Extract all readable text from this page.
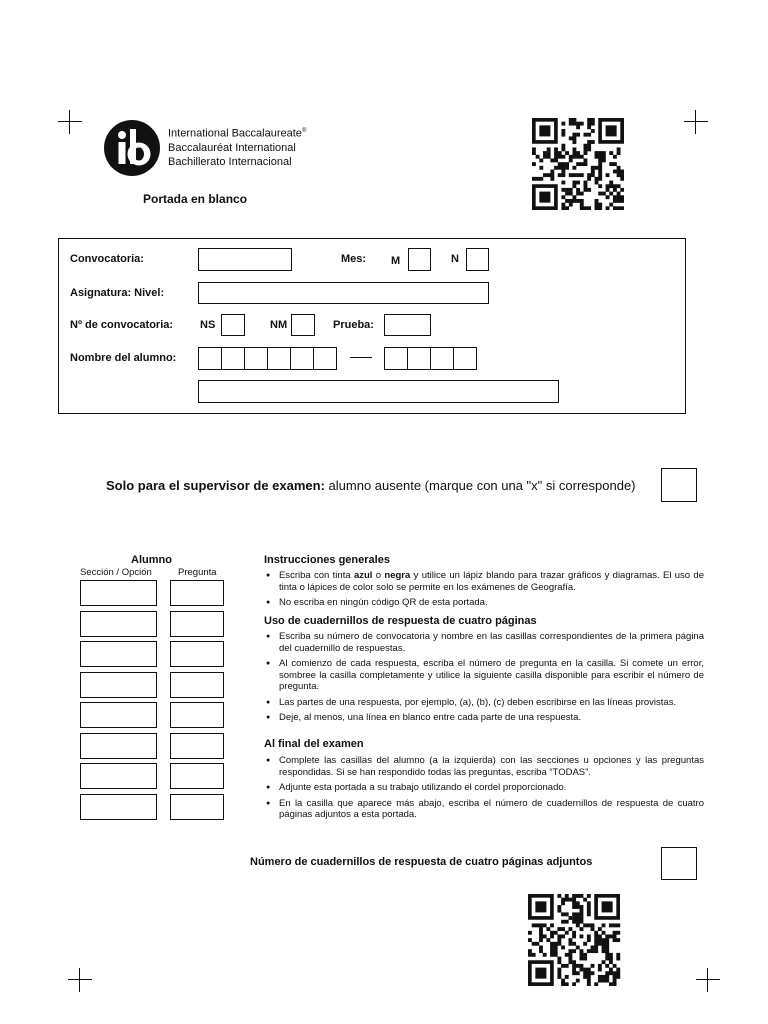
International Baccalaureate®
Baccalauréat International
Bachillerato Internacional
Portada en blanco
Convocatoria:	Mes: M	N
Asignatura: Nivel:
Nº de convocatoria: NS	NM	Prueba:
Nombre del alumno:
Solo para el supervisor de examen: alumno ausente (marque con una "x" si corresponde)
Alumno
Sección / Opción	Pregunta
Instrucciones generales
● Escriba con tinta azul o negra y utilice un lápiz blando para trazar gráficos y diagramas. El uso de tinta o lápices de color solo se permite en los exámenes de Geografía.
● No escriba en ningún código QR de esta portada.
Uso de cuadernillos de respuesta de cuatro páginas
● Escriba su número de convocatoria y nombre en las casillas correspondientes de la primera página del cuadernillo de respuestas.
● Al comienzo de cada respuesta, escriba el número de pregunta en la casilla. Si comete un error, sombree la casilla completamente y utilice la siguiente casilla disponible para escribir el número de pregunta.
● Las partes de una respuesta, por ejemplo, (a), (b), (c) deben escribirse en las líneas provistas.
● Deje, al menos, una línea en blanco entre cada parte de una respuesta.
Al final del examen
● Complete las casillas del alumno (a la izquierda) con las secciones u opciones y las preguntas respondidas. Si se han respondido todas las preguntas, escriba “TODAS”.
● Adjunte esta portada a su trabajo utilizando el cordel proporcionado.
● En la casilla que aparece más abajo, escriba el número de cuadernillos de respuesta de cuatro páginas adjuntos a esta portada.
Número de cuadernillos de respuesta de cuatro páginas adjuntos
